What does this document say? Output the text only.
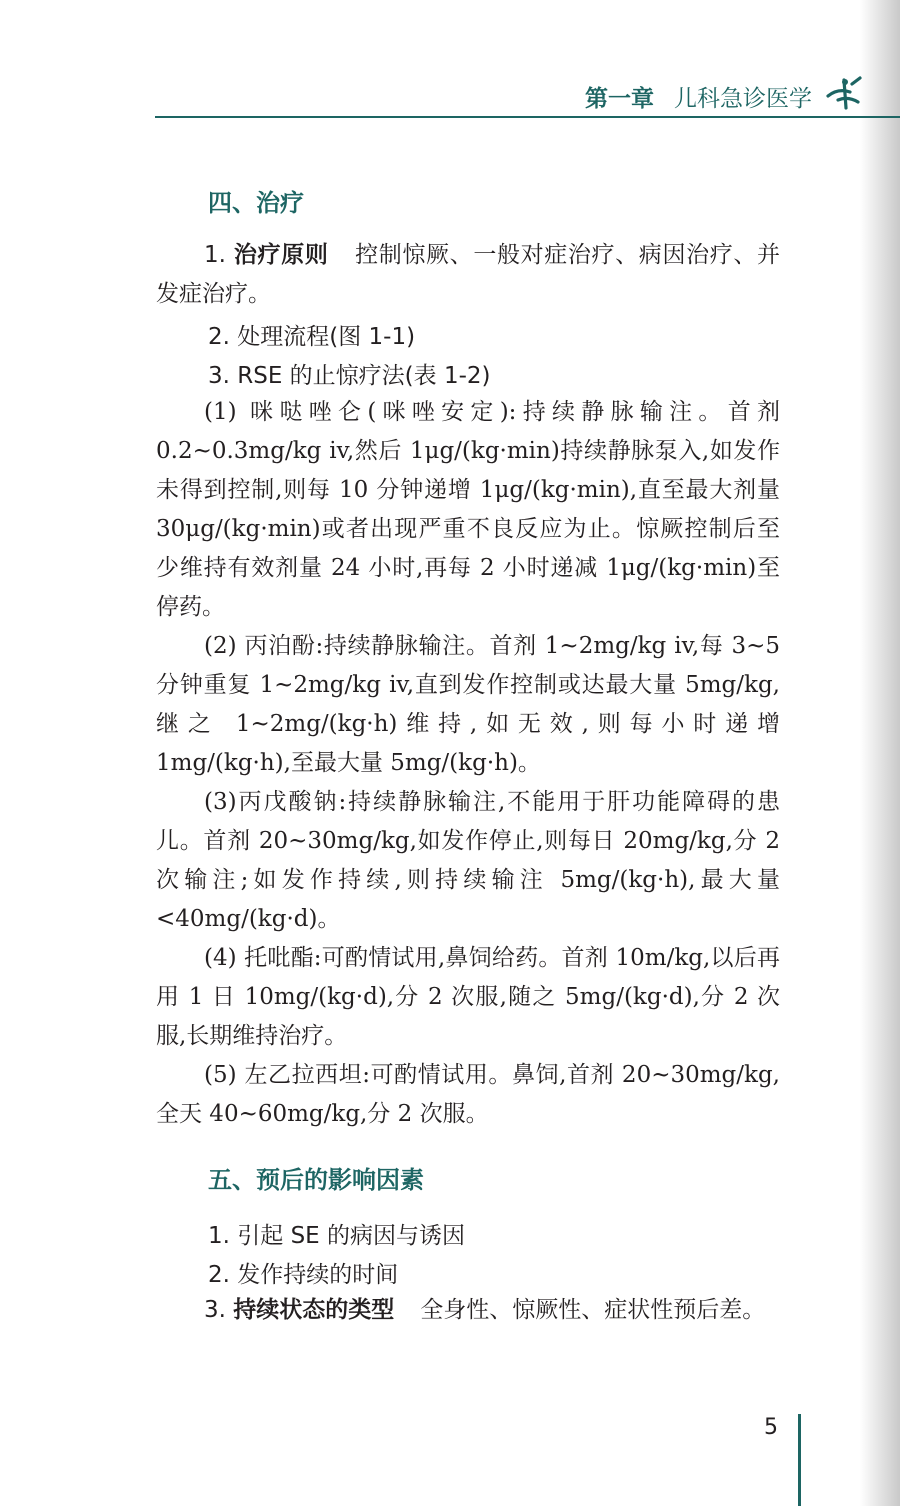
第一章 儿科急诊医学
四、治疗
1. 治疗原则 控制惊厥、一般对症治疗、病因治疗、并发症治疗。
2. 处理流程(图 1-1)
3. RSE 的止惊疗法(表 1-2)
(1) 咪哒唑仑(咪唑安定):持续静脉输注。首剂 0.2~0.3mg/kg iv,然后 1μg/(kg·min)持续静脉泵入,如发作未得到控制,则每 10 分钟递增 1μg/(kg·min),直至最大剂量 30μg/(kg·min)或者出现严重不良反应为止。惊厥控制后至少维持有效剂量 24 小时,再每 2 小时递减 1μg/(kg·min)至停药。
(2) 丙泊酚:持续静脉输注。首剂 1~2mg/kg iv,每 3~5 分钟重复 1~2mg/kg iv,直到发作控制或达最大量 5mg/kg,继之 1~2mg/(kg·h)维持,如无效,则每小时递增 1mg/(kg·h),至最大量 5mg/(kg·h)。
(3)丙戊酸钠:持续静脉输注,不能用于肝功能障碍的患儿。首剂 20~30mg/kg,如发作停止,则每日 20mg/kg,分 2 次输注;如发作持续,则持续输注 5mg/(kg·h),最大量 <40mg/(kg·d)。
(4) 托吡酯:可酌情试用,鼻饲给药。首剂 10m/kg,以后再用 1 日 10mg/(kg·d),分 2 次服,随之 5mg/(kg·d),分 2 次服,长期维持治疗。
(5) 左乙拉西坦:可酌情试用。鼻饲,首剂 20~30mg/kg,全天 40~60mg/kg,分 2 次服。
五、预后的影响因素
1. 引起 SE 的病因与诱因
2. 发作持续的时间
3. 持续状态的类型 全身性、惊厥性、症状性预后差。
5
